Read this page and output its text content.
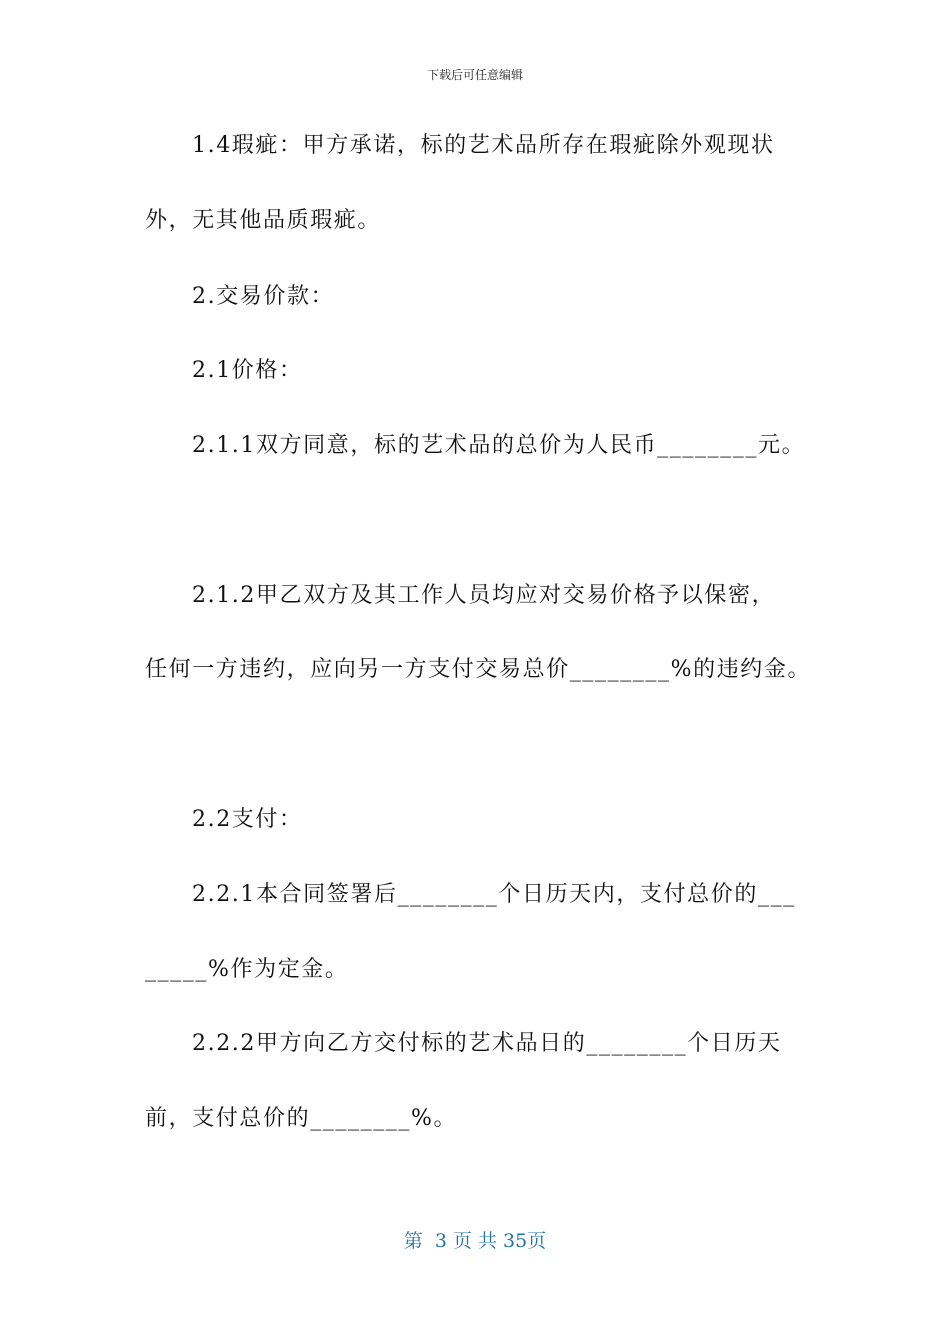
下载后可任意编辑
1.4瑕疵：甲方承诺，标的艺术品所存在瑕疵除外观现状
外，无其他品质瑕疵。
2.交易价款：
2.1价格：
2.1.1双方同意，标的艺术品的总价为人民币________元。
2.1.2甲乙双方及其工作人员均应对交易价格予以保密，
任何一方违约，应向另一方支付交易总价________%的违约金。
2.2支付：
2.2.1本合同签署后________个日历天内，支付总价的___
_____%作为定金。
2.2.2甲方向乙方交付标的艺术品日的________个日历天
前，支付总价的________%。
第  3 页 共 35页
